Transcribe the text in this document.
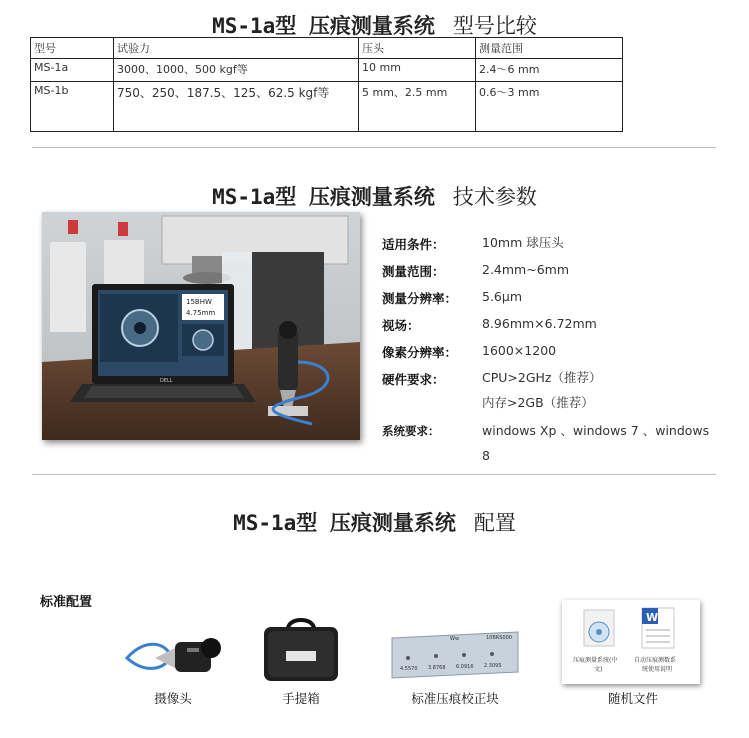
MS-1a型 压痕测量系统 型号比较
型号	试验力	压头	测量范围
MS-1a	3000、1000、500 kgf等	10 mm	2.4～6 mm
MS-1b	750、250、187.5、125、62.5 kgf等	5 mm、2.5 mm	0.6～3 mm
MS-1a型 压痕测量系统 技术参数
15BHW
4.75mm
DELL
适用条件：	10mm 球压头
测量范围：	2.4mm~6mm
测量分辨率：	5.6μm
视场：	8.96mm×6.72mm
像素分辨率：	1600×1200
硬件要求：	CPU>2GHz（推荐）
内存>2GB（推荐）
系统要求：	windows Xp 、windows 7 、windows
8
MS-1a型 压痕测量系统 配置
标准配置
摄像头	手提箱
Ww	10BRS000
4.5570 3.8768 6.0916 2.3095
标准压痕校正块
W
压痕测量系统(中
文)
自动压痕测数系
统使用说明
随机文件
